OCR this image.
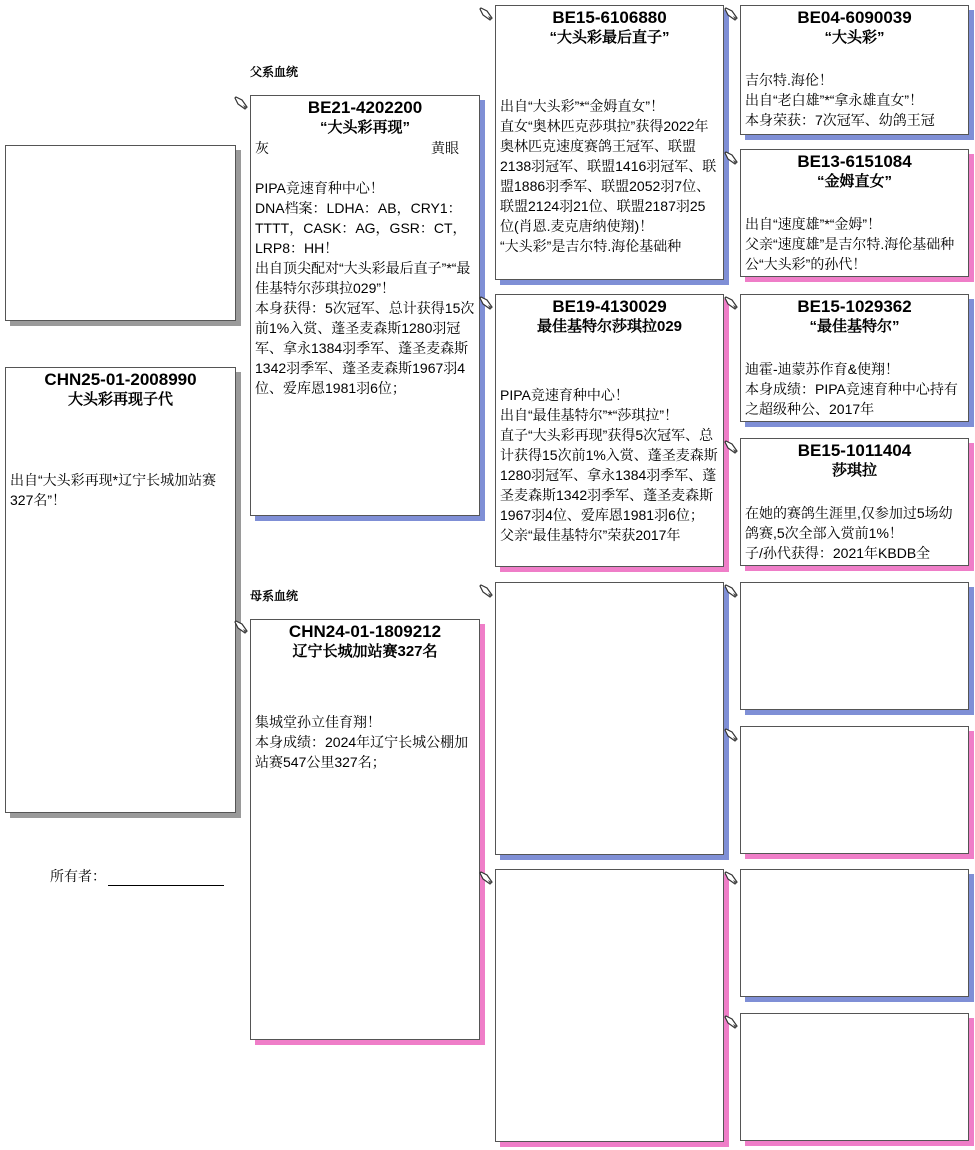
父系血统
母系血统
CHN25-01-2008990
大头彩再现子代
出自“大头彩再现*辽宁长城加站赛327名”！
所有者：
BE21-4202200
“大头彩再现”
灰	黄眼
PIPA竞速育种中心！
DNA档案：LDHA：AB，CRY1：TTTT，CASK：AG，GSR：CT，LRP8：HH！
出自顶尖配对“大头彩最后直子”*“最佳基特尔莎琪拉029”！
本身获得：5次冠军、总计获得15次前1%入赏、蓬圣麦森斯1280羽冠军、拿永1384羽季军、蓬圣麦森斯1342羽季军、蓬圣麦森斯1967羽4位、爱库恩1981羽6位；
CHN24-01-1809212
辽宁长城加站赛327名
集城堂孙立佳育翔！
本身成绩：2024年辽宁长城公棚加站赛547公里327名；
BE15-6106880
“大头彩最后直子”
出自“大头彩”*“金姆直女”！
直女“奥林匹克莎琪拉”获得2022年奥林匹克速度赛鸽王冠军、联盟2138羽冠军、联盟1416羽冠军、联盟1886羽季军、联盟2052羽7位、联盟2124羽21位、联盟2187羽25位(肖恩.麦克唐纳使翔)！
“大头彩”是吉尔特.海伦基础种
BE19-4130029
最佳基特尔莎琪拉029
PIPA竞速育种中心！
出自“最佳基特尔”*“莎琪拉”！
直子“大头彩再现”获得5次冠军、总计获得15次前1%入赏、蓬圣麦森斯1280羽冠军、拿永1384羽季军、蓬圣麦森斯1342羽季军、蓬圣麦森斯1967羽4位、爱库恩1981羽6位；
父亲“最佳基特尔”荣获2017年
BE04-6090039
“大头彩”
吉尔特.海伦！
出自“老白雄”*“拿永雄直女”！
本身荣获：7次冠军、幼鸽王冠
BE13-6151084
“金姆直女”
出自“速度雄”*“金姆”！
父亲“速度雄”是吉尔特.海伦基础种公“大头彩”的孙代！
BE15-1029362
“最佳基特尔”
迪霍-迪蒙苏作育&使翔！
本身成绩：PIPA竞速育种中心持有之超级种公、2017年
BE15-1011404
莎琪拉
在她的赛鸽生涯里,仅参加过5场幼鸽赛,5次全部入赏前1%！
子/孙代获得：2021年KBDB全
